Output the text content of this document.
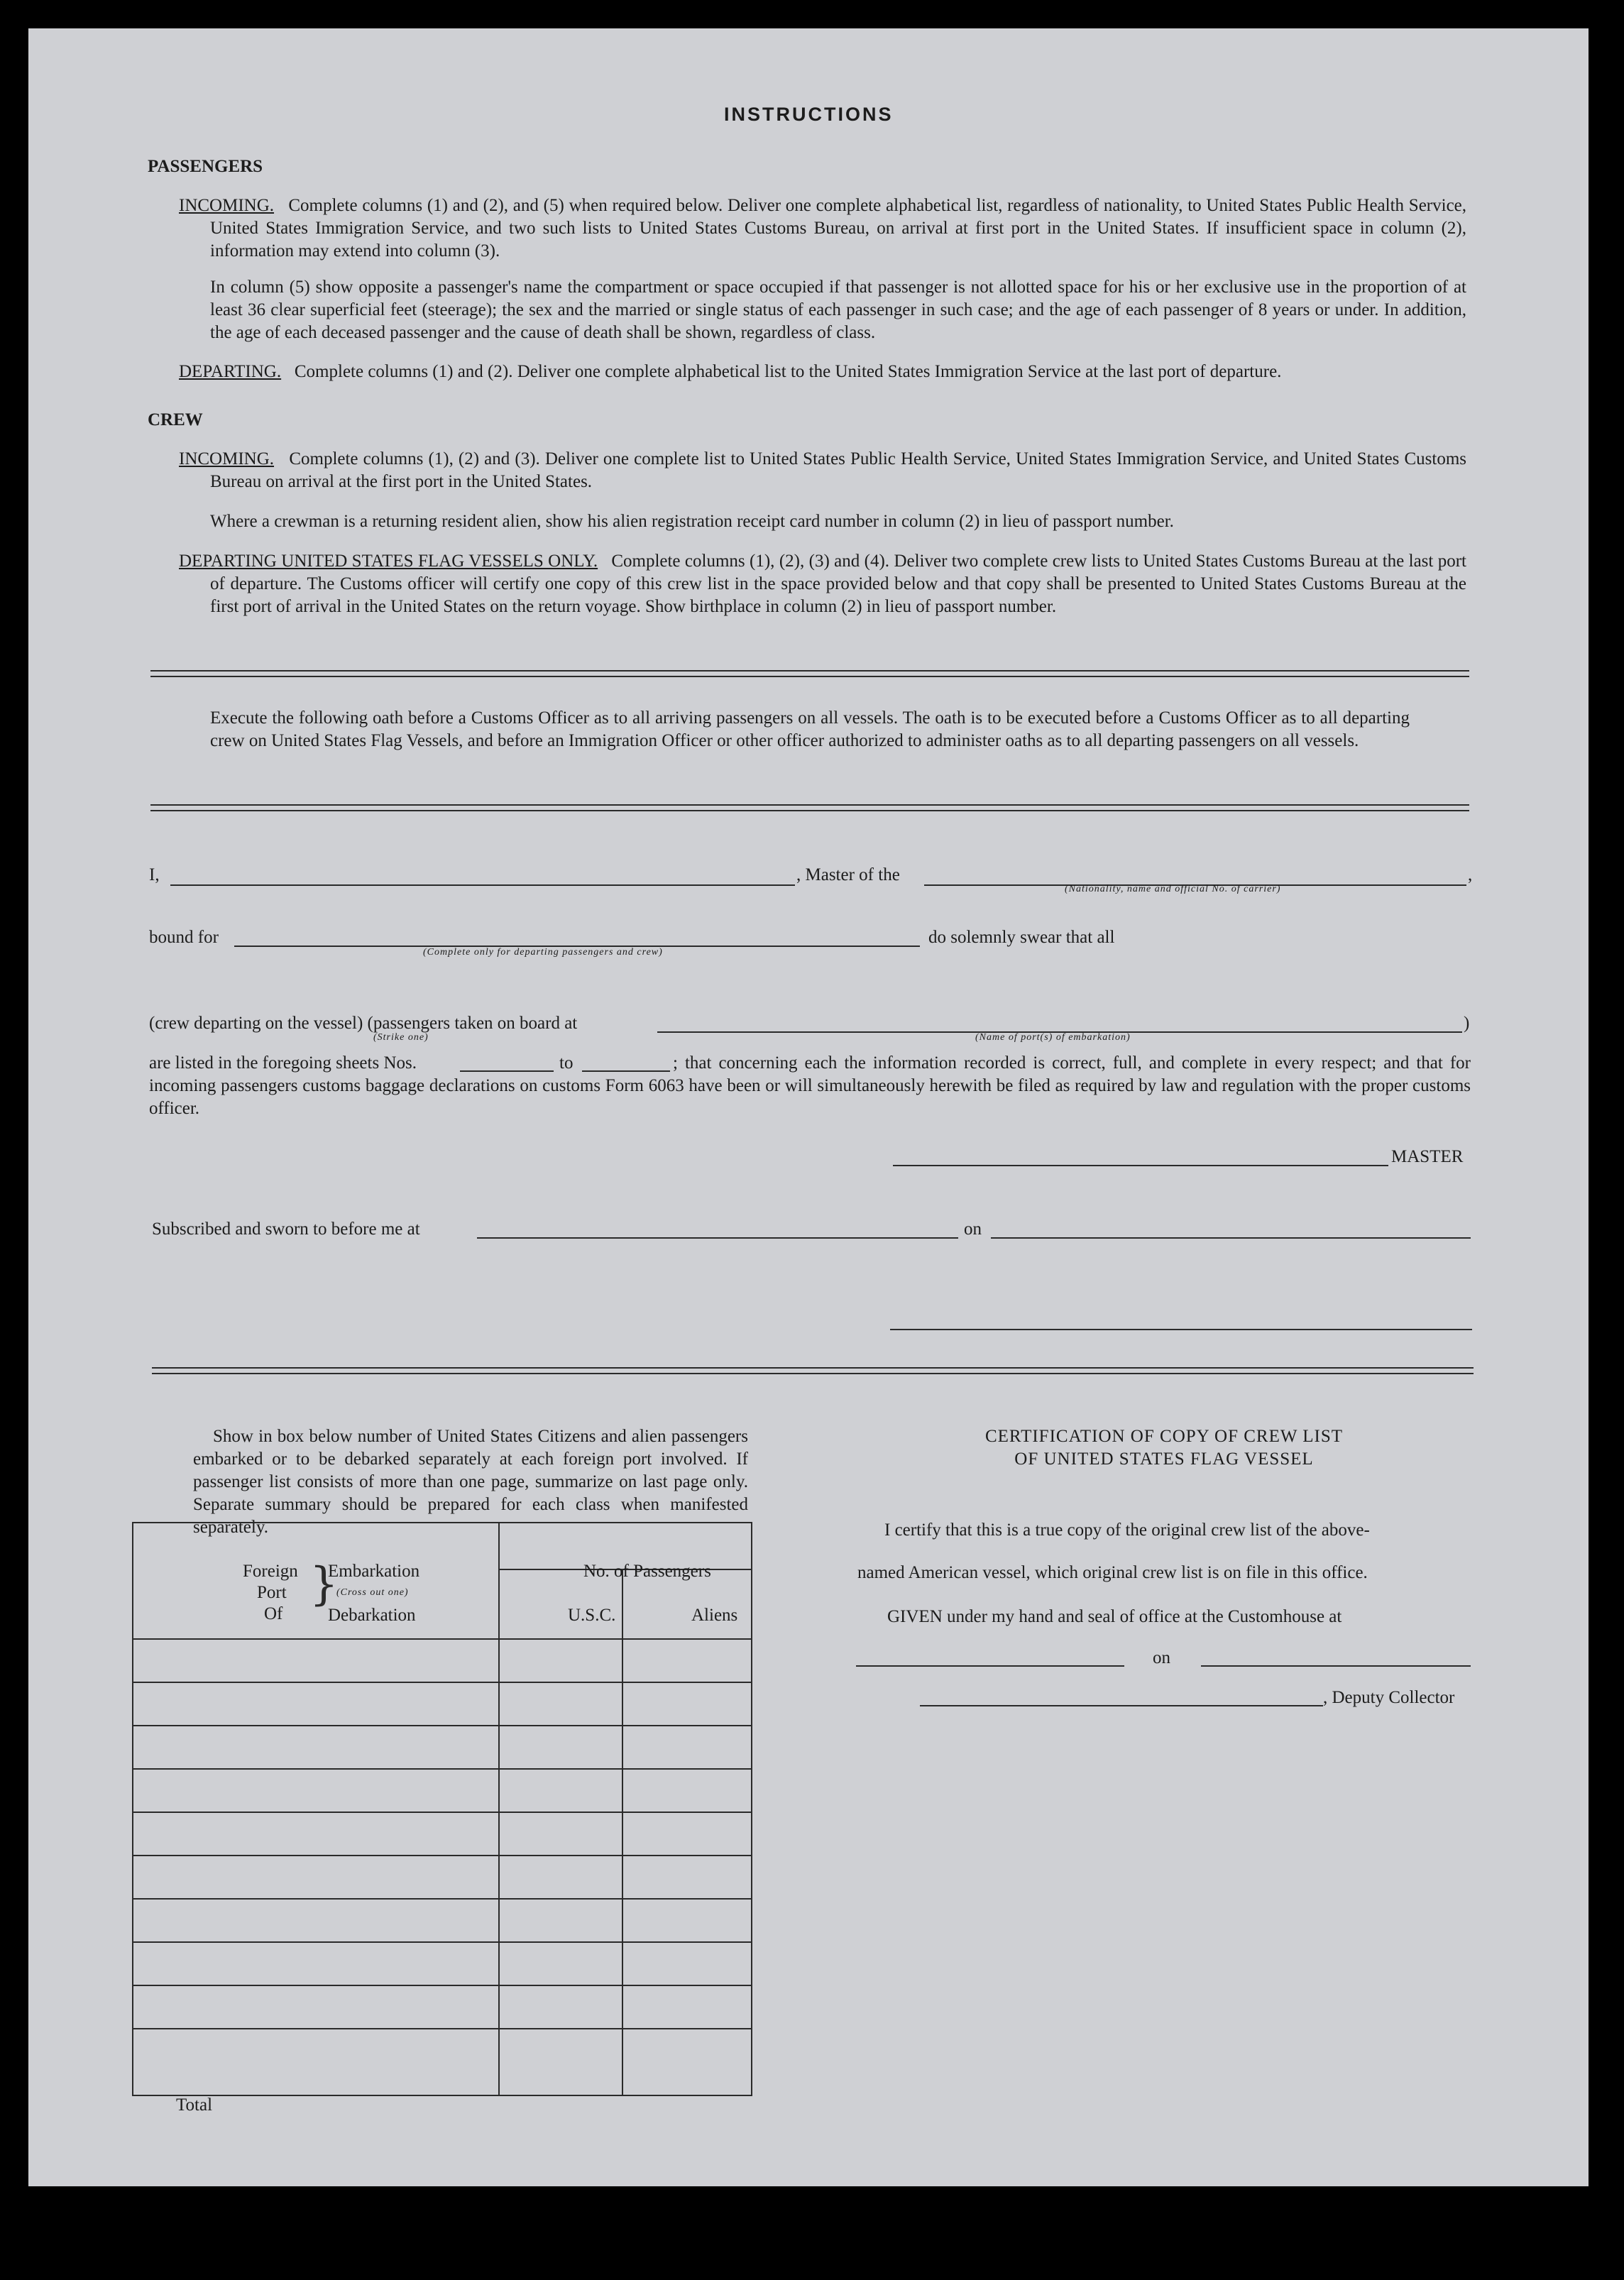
INSTRUCTIONS
PASSENGERS
INCOMING. Complete columns (1) and (2), and (5) when required below. Deliver one complete alphabetical list, regardless of nationality, to United States Public Health Service, United States Immigration Service, and two such lists to United States Customs Bureau, on arrival at first port in the United States. If insufficient space in column (2), information may extend into column (3).
In column (5) show opposite a passenger's name the compartment or space occupied if that passenger is not allotted space for his or her exclusive use in the proportion of at least 36 clear superficial feet (steerage); the sex and the married or single status of each passenger in such case; and the age of each passenger of 8 years or under. In addition, the age of each deceased passenger and the cause of death shall be shown, regardless of class.
DEPARTING. Complete columns (1) and (2). Deliver one complete alphabetical list to the United States Immigration Service at the last port of departure.
CREW
INCOMING. Complete columns (1), (2) and (3). Deliver one complete list to United States Public Health Service, United States Immigration Service, and United States Customs Bureau on arrival at the first port in the United States.
Where a crewman is a returning resident alien, show his alien registration receipt card number in column (2) in lieu of passport number.
DEPARTING UNITED STATES FLAG VESSELS ONLY. Complete columns (1), (2), (3) and (4). Deliver two complete crew lists to United States Customs Bureau at the last port of departure. The Customs officer will certify one copy of this crew list in the space provided below and that copy shall be presented to United States Customs Bureau at the first port of arrival in the United States on the return voyage. Show birthplace in column (2) in lieu of passport number.
Execute the following oath before a Customs Officer as to all arriving passengers on all vessels. The oath is to be executed before a Customs Officer as to all departing crew on United States Flag Vessels, and before an Immigration Officer or other officer authorized to administer oaths as to all departing passengers on all vessels.
I,	, Master of the	,
(Nationality, name and official No. of carrier)
bound for	do solemnly swear that all
(Complete only for departing passengers and crew)
(crew departing on the vessel) (passengers taken on board at	)
(Strike one)	(Name of port(s) of embarkation)
are listed in the foregoing sheets Nos.	to	; that concerning each the information recorded is correct, full, and complete in every respect; and that for incoming passengers customs baggage declarations on customs Form 6063 have been or will simultaneously herewith be filed as required by law and regulation with the proper customs officer.
MASTER
Subscribed and sworn to before me at	on
Show in box below number of United States Citizens and alien passengers embarked or to be debarked separately at each foreign port involved. If passenger list consists of more than one page, summarize on last page only. Separate summary should be prepared for each class when manifested separately.
Foreign
Port
Of
}
Embarkation
(Cross out one)
Debarkation
No. of Passengers
U.S.C.	Aliens
Total
CERTIFICATION OF COPY OF CREW LIST
OF UNITED STATES FLAG VESSEL
I certify that this is a true copy of the original crew list of the above-
named American vessel, which original crew list is on file in this office.
GIVEN under my hand and seal of office at the Customhouse at
on
, Deputy Collector
